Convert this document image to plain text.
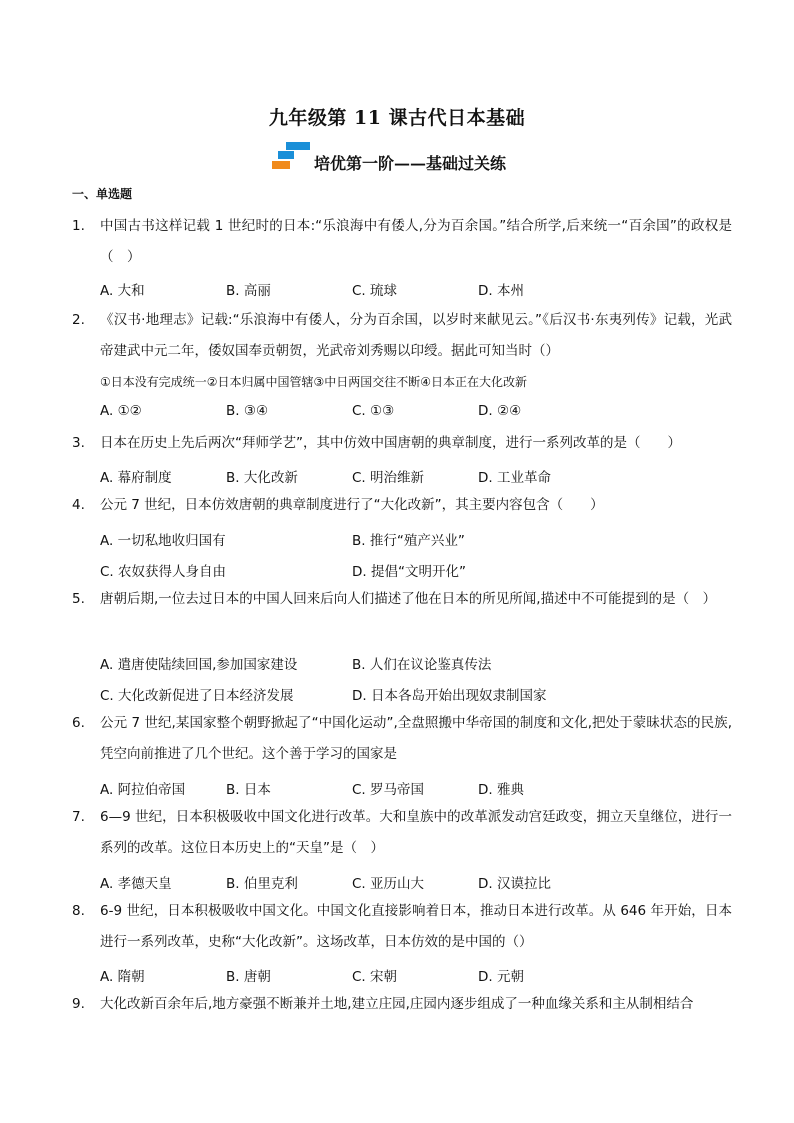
九年级第 11 课古代日本基础
培优第一阶——基础过关练
一、单选题
1. 中国古书这样记载 1 世纪时的日本:“乐浪海中有倭人,分为百余国。”结合所学,后来统一“百余国”的政权是（　）
A. 大和	B. 高丽	C. 琉球	D. 本州
2. 《汉书·地理志》记载:“乐浪海中有倭人，分为百余国，以岁时来献见云。”《后汉书·东夷列传》记载，光武帝建武中元二年，倭奴国奉贡朝贺，光武帝刘秀赐以印绶。据此可知当时（）
①日本没有完成统一②日本归属中国管辖③中日两国交往不断④日本正在大化改新
A. ①②	B. ③④	C. ①③	D. ②④
3. 日本在历史上先后两次“拜师学艺”，其中仿效中国唐朝的典章制度，进行一系列改革的是（　　）
A. 幕府制度	B. 大化改新	C. 明治维新	D. 工业革命
4. 公元 7 世纪，日本仿效唐朝的典章制度进行了“大化改新”，其主要内容包含（　　）
A. 一切私地收归国有	B. 推行“殖产兴业”
C. 农奴获得人身自由	D. 提倡“文明开化”
5. 唐朝后期,一位去过日本的中国人回来后向人们描述了他在日本的所见所闻,描述中不可能提到的是（　）
A. 遣唐使陆续回国,参加国家建设	B. 人们在议论鉴真传法
C. 大化改新促进了日本经济发展	D. 日本各岛开始出现奴隶制国家
6. 公元 7 世纪,某国家整个朝野掀起了“中国化运动”,全盘照搬中华帝国的制度和文化,把处于蒙昧状态的民族,凭空向前推进了几个世纪。这个善于学习的国家是
A. 阿拉伯帝国	B. 日本	C. 罗马帝国	D. 雅典
7. 6—9 世纪，日本积极吸收中国文化进行改革。大和皇族中的改革派发动宫廷政变，拥立天皇继位，进行一系列的改革。这位日本历史上的“天皇”是（　）
A. 孝德天皇	B. 伯里克利	C. 亚历山大	D. 汉谟拉比
8. 6-9 世纪，日本积极吸收中国文化。中国文化直接影响着日本，推动日本进行改革。从 646 年开始，日本进行一系列改革，史称“大化改新”。这场改革，日本仿效的是中国的（）
A. 隋朝	B. 唐朝	C. 宋朝	D. 元朝
9. 大化改新百余年后,地方豪强不断兼并土地,建立庄园,庄园内逐步组成了一种血缘关系和主从制相结合
